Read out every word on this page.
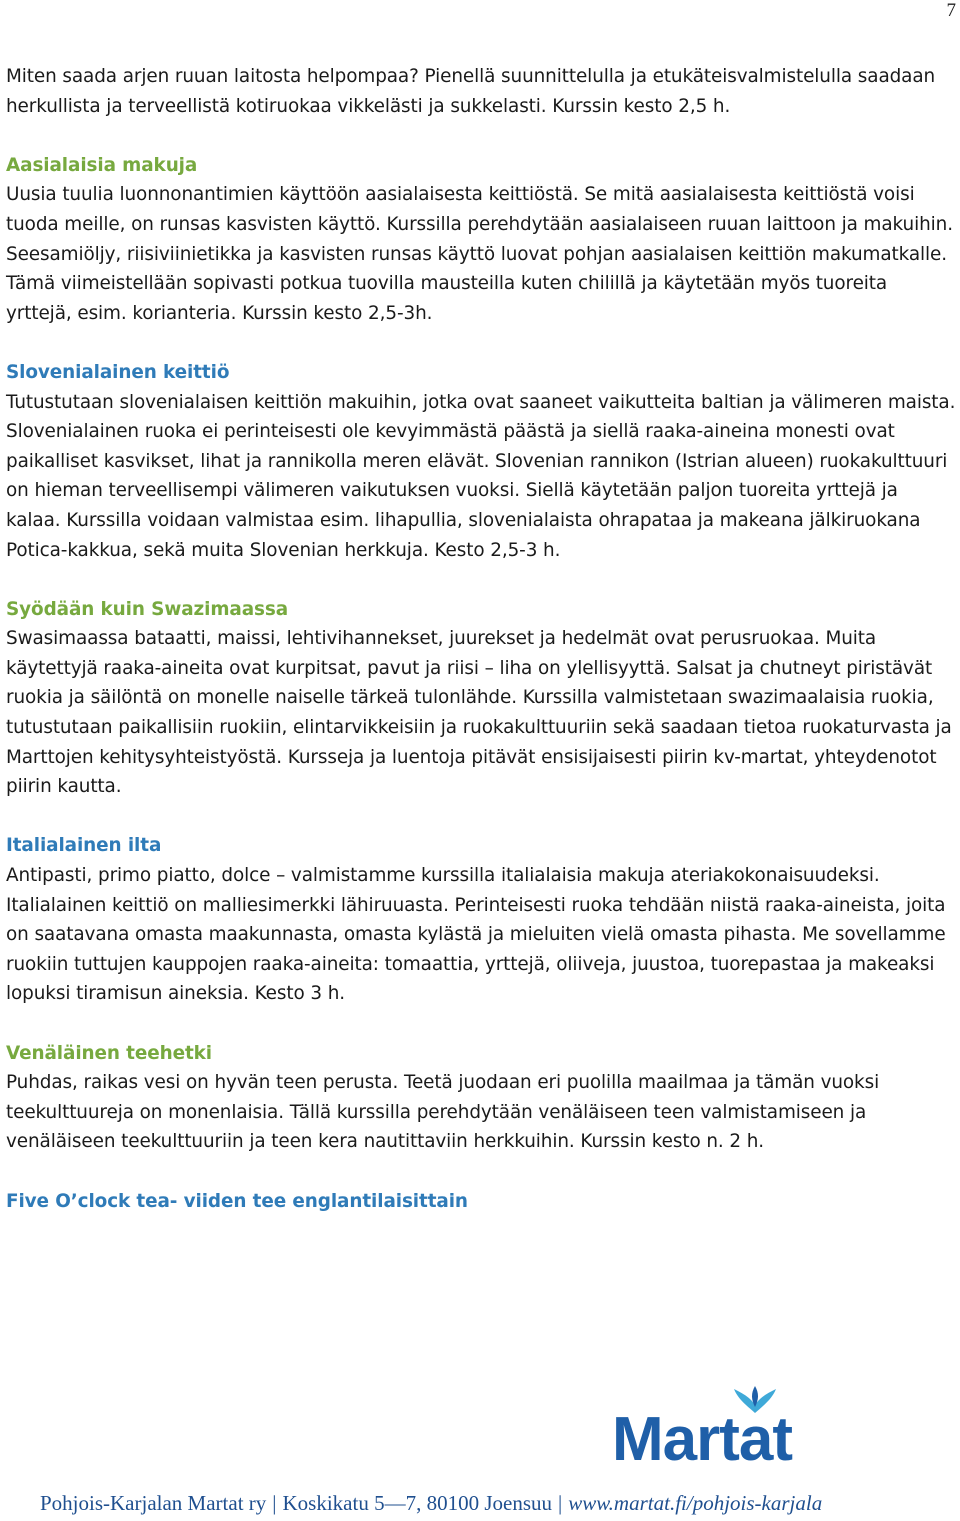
7

Miten saada arjen ruuan laitosta helpompaa? Pienellä suunnittelulla ja etukäteisvalmistelulla saadaan herkullista ja terveellistä kotiruokaa vikkelästi ja sukkelasti. Kurssin kesto 2,5 h.

Aasialaisia makuja

Uusia tuulia luonnonantimien käyttöön aasialaisesta keittiöstä. Se mitä aasialaisesta keittiöstä voisi tuoda meille, on runsas kasvisten käyttö. Kurssilla perehdytään aasialaiseen ruuan laittoon ja makuihin. Seesamiöljy, riisiviinietikka ja kasvisten runsas käyttö luovat pohjan aasialaisen keittiön makumatkalle. Tämä viimeistellään sopivasti potkua tuovilla mausteilla kuten chilillä ja käytetään myös tuoreita yrttejä, esim. korianteria. Kurssin kesto 2,5-3h.

Slovenialainen keittiö

Tutustutaan slovenialaisen keittiön makuihin, jotka ovat saaneet vaikutteita baltian ja välimeren maista. Slovenialainen ruoka ei perinteisesti ole kevyimmästä päästä ja siellä raaka-aineina monesti ovat paikalliset kasvikset, lihat ja rannikolla meren elävät. Slovenian rannikon (Istrian alueen) ruokakulttuuri on hieman terveellisempi välimeren vaikutuksen vuoksi. Siellä käytetään paljon tuoreita yrttejä ja kalaa. Kurssilla voidaan valmistaa esim. lihapullia, slovenialaista ohrapataa ja makeana jälkiruokana Potica-kakkua, sekä muita Slovenian herkkuja. Kesto 2,5-3 h.

Syödään kuin Swazimaassa

Swasimaassa bataatti, maissi, lehtivihannekset, juurekset ja hedelmät ovat perusruokaa. Muita käytettyjä raaka-aineita ovat kurpitsat, pavut ja riisi – liha on ylellisyyttä. Salsat ja chutneyt piristävät ruokia ja säilöntä on monelle naiselle tärkeä tulonlähde. Kurssilla valmistetaan swazimaalaisia ruokia, tutustutaan paikallisiin ruokiin, elintarvikkeisiin ja ruokakulttuuriin sekä saadaan tietoa ruokaturvasta ja Marttojen kehitysyhteistyöstä. Kursseja ja luentoja pitävät ensisijaisesti piirin kv-martat, yhteydenotot piirin kautta.

Italialainen ilta

Antipasti, primo piatto, dolce – valmistamme kurssilla italialaisia makuja ateriakokonaisuudeksi. Italialainen keittiö on malliesimerkki lähiruuasta. Perinteisesti ruoka tehdään niistä raaka-aineista, joita on saatavana omasta maakunnasta, omasta kylästä ja mieluiten vielä omasta pihasta. Me sovellamme ruokiin tuttujen kauppojen raaka-aineita: tomaattia, yrttejä, oliiveja, juustoa, tuorepastaa ja makeaksi lopuksi tiramisun aineksia. Kesto 3 h.

Venäläinen teehetki

Puhdas, raikas vesi on hyvän teen perusta. Teetä juodaan eri puolilla maailmaa ja tämän vuoksi teekulttuureja on monenlaisia. Tällä kurssilla perehdytään venäläiseen teen valmistamiseen ja venäläiseen teekulttuuriin ja teen kera nautittaviin herkkuihin. Kurssin kesto n. 2 h.

Five O’clock tea- viiden tee englantilaisittain

Martat
Pohjois-Karjalan Martat ry | Koskikatu 5—7, 80100 Joensuu | www.martat.fi/pohjois-karjala
